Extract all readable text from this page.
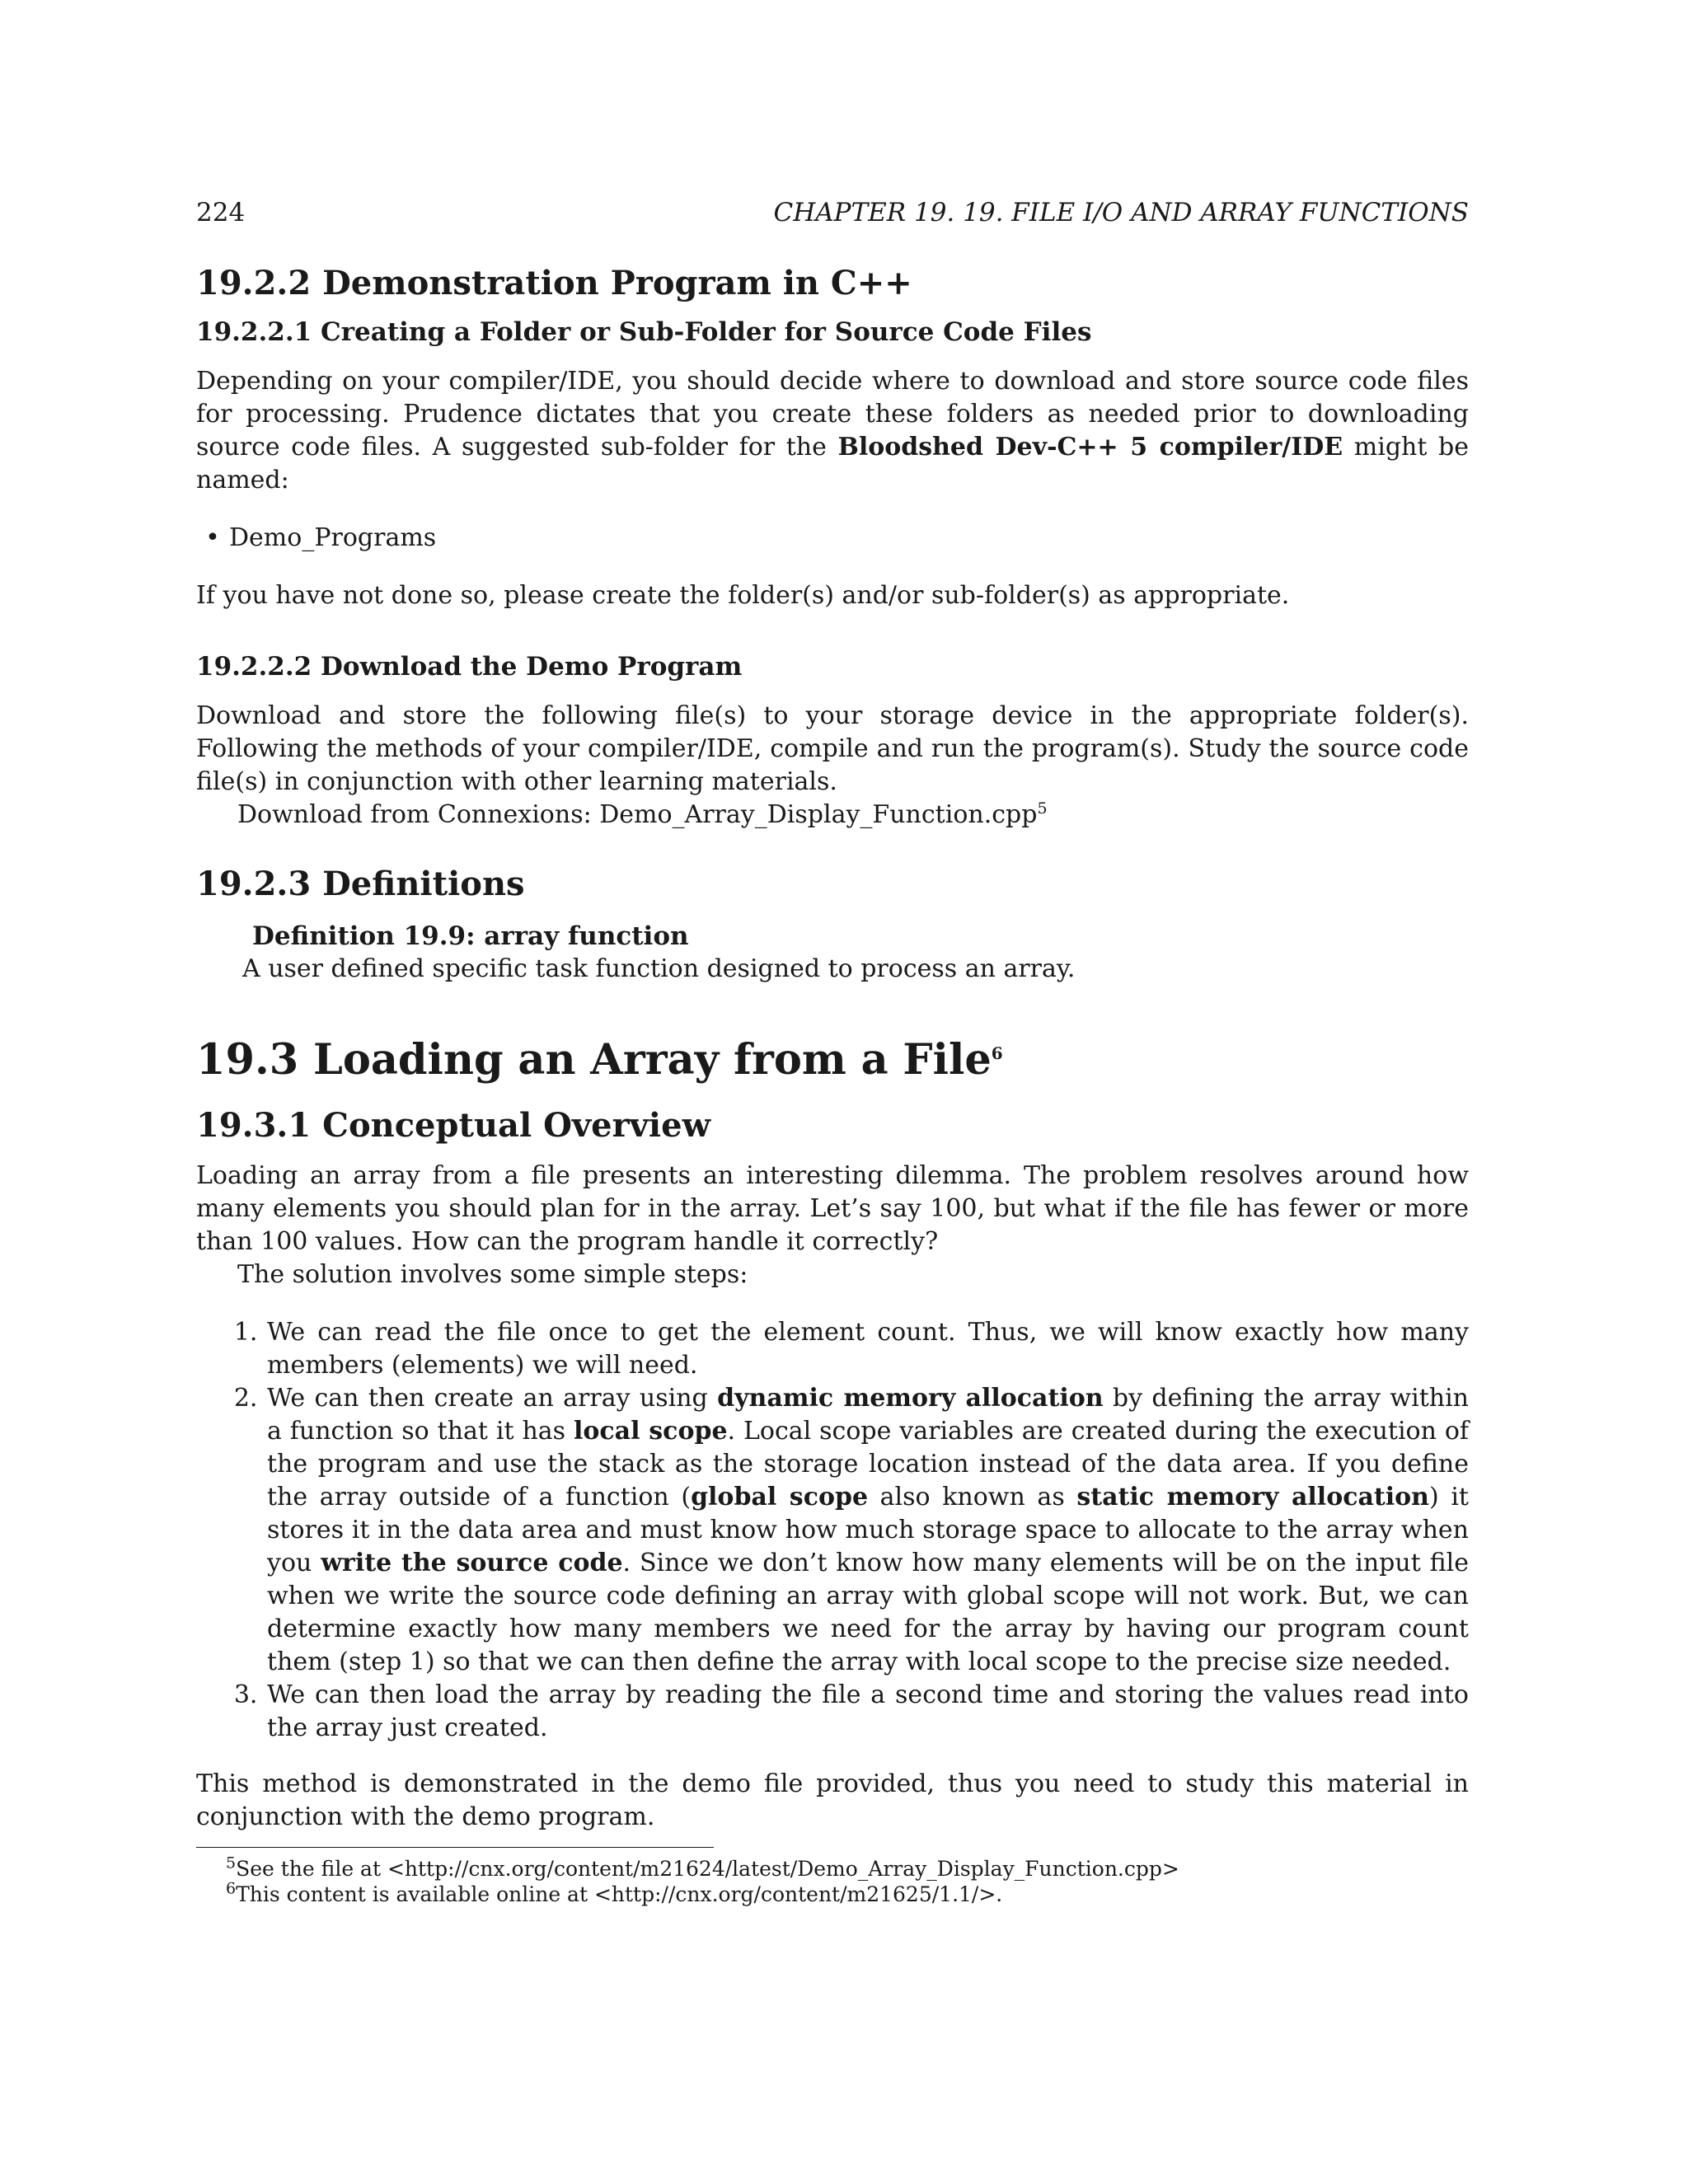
224	CHAPTER 19. 19. FILE I/O AND ARRAY FUNCTIONS
19.2.2 Demonstration Program in C++
19.2.2.1 Creating a Folder or Sub-Folder for Source Code Files

Depending on your compiler/IDE, you should decide where to download and store source code files for processing. Prudence dictates that you create these folders as needed prior to downloading source code files. A suggested sub-folder for the Bloodshed Dev-C++ 5 compiler/IDE might be named:

• Demo_Programs

If you have not done so, please create the folder(s) and/or sub-folder(s) as appropriate.

19.2.2.2 Download the Demo Program

Download and store the following file(s) to your storage device in the appropriate folder(s). Following the methods of your compiler/IDE, compile and run the program(s). Study the source code file(s) in conjunction with other learning materials.

Download from Connexions: Demo_Array_Display_Function.cpp$^5$

19.2.3 Definitions
Definition 19.9: array function

A user defined specific task function designed to process an array.

19.3 Loading an Array from a File$^6$
19.3.1 Conceptual Overview

Loading an array from a file presents an interesting dilemma. The problem resolves around how many elements you should plan for in the array. Let’s say 100, but what if the file has fewer or more than 100 values. How can the program handle it correctly?

The solution involves some simple steps:

1. We can read the file once to get the element count. Thus, we will know exactly how many members (elements) we will need.
2. We can then create an array using dynamic memory allocation by defining the array within a function so that it has local scope. Local scope variables are created during the execution of the program and use the stack as the storage location instead of the data area. If you define the array outside of a function (global scope also known as static memory allocation) it stores it in the data area and must know how much storage space to allocate to the array when you write the source code. Since we don’t know how many elements will be on the input file when we write the source code defining an array with global scope will not work. But, we can determine exactly how many members we need for the array by having our program count them (step 1) so that we can then define the array with local scope to the precise size needed.
3. We can then load the array by reading the file a second time and storing the values read into the array just created.

This method is demonstrated in the demo file provided, thus you need to study this material in conjunction with the demo program.

$^5$See the file at <http://cnx.org/content/m21624/latest/Demo_Array_Display_Function.cpp>
$^6$This content is available online at <http://cnx.org/content/m21625/1.1/>.
